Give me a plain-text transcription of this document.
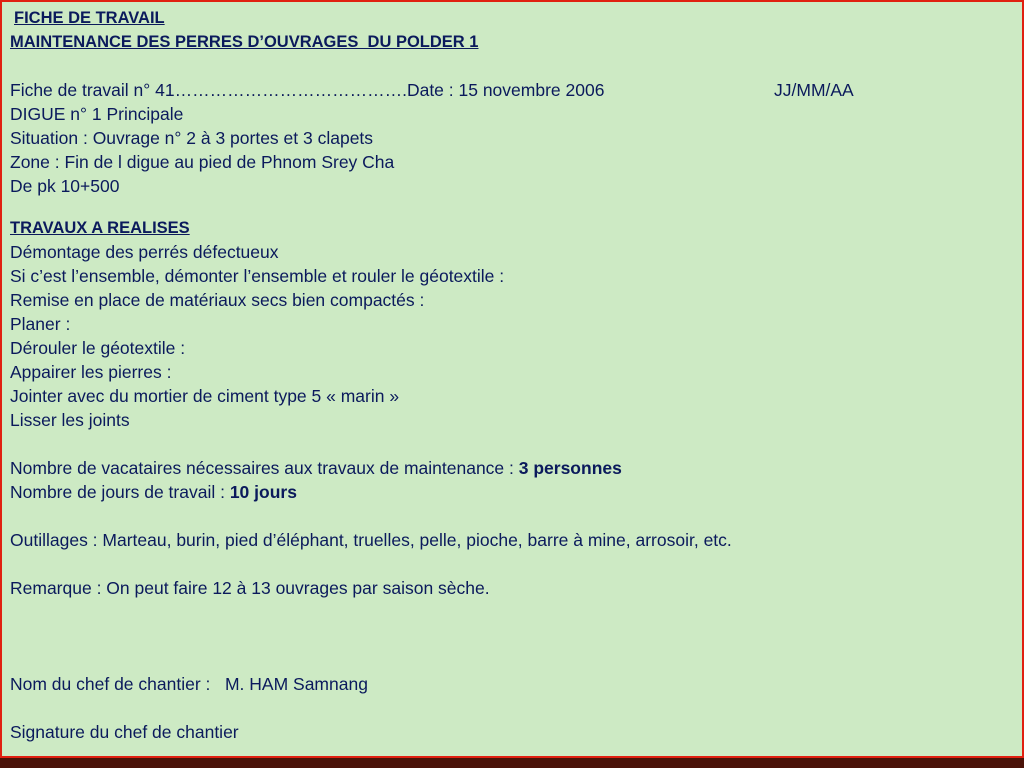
FICHE DE TRAVAIL
MAINTENANCE DES PERRES D’OUVRAGES  DU POLDER 1
Fiche de travail n° 41………………………………….Date : 15 novembre 2006	JJ/MM/AA
DIGUE n° 1 Principale
Situation : Ouvrage n° 2 à 3 portes et 3 clapets
Zone : Fin de l digue au pied de Phnom Srey Cha
De pk 10+500
TRAVAUX A REALISES
Démontage des perrés défectueux
Si c’est l’ensemble, démonter l’ensemble et rouler le géotextile :
Remise en place de matériaux secs bien compactés :
Planer :
Dérouler le géotextile :
Appairer les pierres :
Jointer avec du mortier de ciment type 5 « marin »
Lisser les joints
Nombre de vacataires nécessaires aux travaux de maintenance : 3 personnes
Nombre de jours de travail : 10 jours
Outillages : Marteau, burin, pied d’éléphant, truelles, pelle, pioche, barre à mine, arrosoir, etc.
Remarque : On peut faire 12 à 13 ouvrages par saison sèche.
Nom du chef de chantier :   M. HAM Samnang
Signature du chef de chantier
